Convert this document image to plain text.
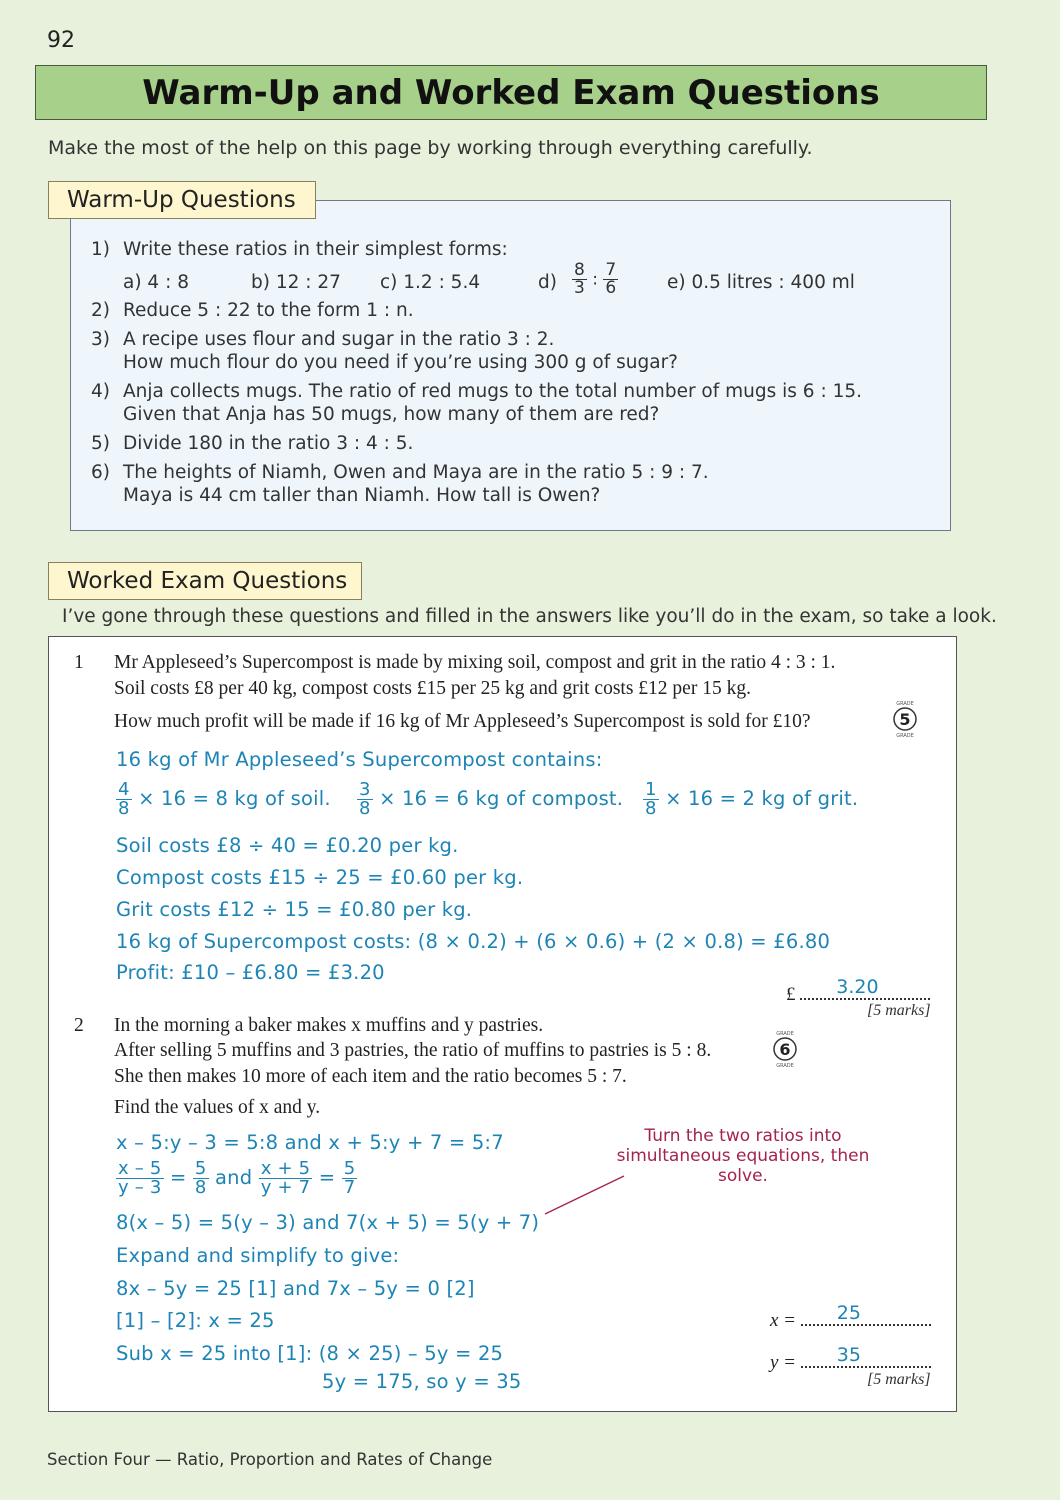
92
Warm-Up and Worked Exam Questions
Make the most of the help on this page by working through everything carefully.
Warm-Up Questions
1) Write these ratios in their simplest forms:
a) 4 : 8	b) 12 : 27 c) 1.2 : 5.4	$d) \frac{8}{3}$ : $\frac{7}{6}$	e) 0.5 litres : 400 ml
2) Reduce 5 : 22 to the form 1 : n.
3) A recipe uses flour and sugar in the ratio 3 : 2.
How much flour do you need if you’re using 300 g of sugar?
4) Anja collects mugs. The ratio of red mugs to the total number of mugs is 6 : 15.
Given that Anja has 50 mugs, how many of them are red?
5) Divide 180 in the ratio 3 : 4 : 5.
6) The heights of Niamh, Owen and Maya are in the ratio 5 : 9 : 7.
Maya is 44 cm taller than Niamh. How tall is Owen?
Worked Exam Questions
I’ve gone through these questions and filled in the answers like you’ll do in the exam, so take a look.
1 Mr Appleseed’s Supercompost is made by mixing soil, compost and grit in the ratio 4 : 3 : 1.
Soil costs £8 per 40 kg, compost costs £15 per 25 kg and grit costs £12 per 15 kg.
How much profit will be made if 16 kg of Mr Appleseed’s Supercompost is sold for £10?	5
GRADE
GRADE
16 kg of Mr Appleseed’s Supercompost contains:
$\frac{4}{8} \times 16 = 8$ kg of soil. $\frac{3}{8} \times 16 = 6$ kg of compost. $\frac{1}{8} \times 16 = 2$ kg of grit.
Soil costs £8 ÷ 40 = £0.20 per kg.
Compost costs £15 ÷ 25 = £0.60 per kg.
Grit costs £12 ÷ 15 = £0.80 per kg.
16 kg of Supercompost costs: (8 × 0.2) + (6 × 0.6) + (2 × 0.8) = £6.80
Profit: £10 – £6.80 = £3.20
£ 3.20
[5 marks]
2 In the morning a baker makes x muffins and y pastries.
After selling 5 muffins and 3 pastries, the ratio of muffins to pastries is 5 : 8.
She then makes 10 more of each item and the ratio becomes 5 : 7.
Find the values of x and y.
6
GRADE
GRADE
x – 5:y – 3 = 5:8 and x + 5:y + 7 = 5:7
$\frac{x - 5}{y - 3} = \frac{5}{8}$ and $\frac{x + 5}{y + 7} = \frac{5}{7}$
8(x – 5) = 5(y – 3) and 7(x + 5) = 5(y + 7)
Expand and simplify to give:
8x – 5y = 25 [1] and 7x – 5y = 0 [2]
[1] – [2]: x = 25
Sub x = 25 into [1]: (8 × 25) – 5y = 25
5y = 175, so y = 35
Turn the two ratios into
simultaneous equations, then solve.
x = 25
y = 35
[5 marks]
Section Four — Ratio, Proportion and Rates of Change
